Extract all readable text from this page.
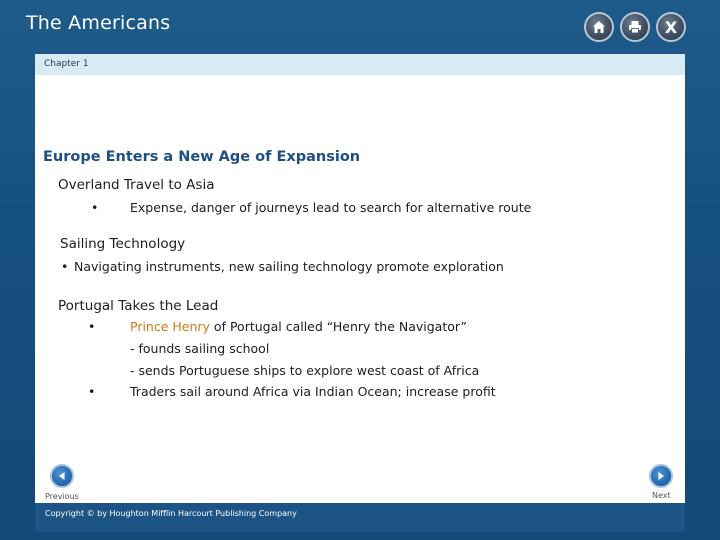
The Americans	X
Chapter 1
Europe Enters a New Age of Expansion
Overland Travel to Asia
•	Expense, danger of journeys lead to search for alternative route
Sailing Technology
• Navigating instruments, new sailing technology promote exploration
Portugal Takes the Lead
•	Prince Henry of Portugal called “Henry the Navigator”
- founds sailing school
- sends Portuguese ships to explore west coast of Africa
•	Traders sail around Africa via Indian Ocean; increase profit
Previous	Next
Copyright © by Houghton Mifflin Harcourt Publishing Company
